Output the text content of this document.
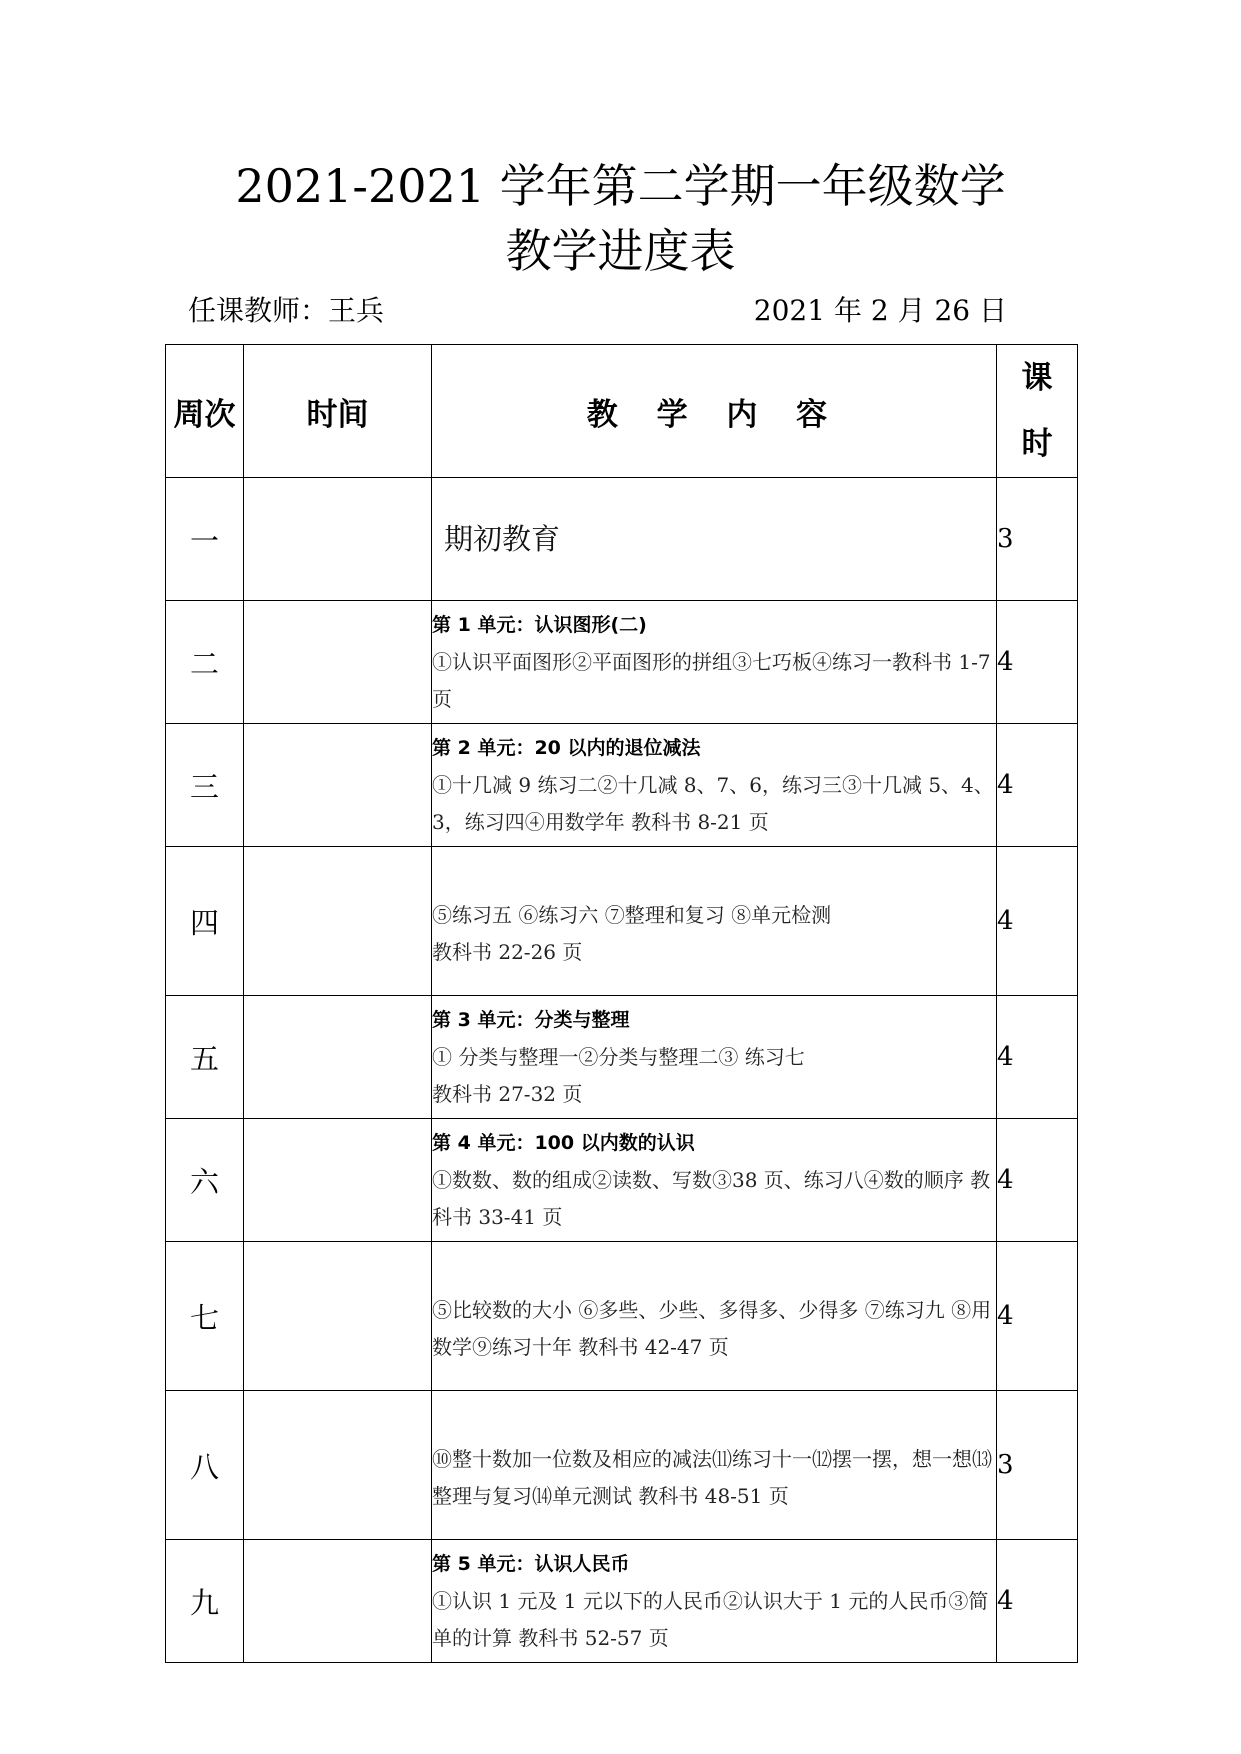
2021-2021 学年第二学期一年级数学
教学进度表
任课教师：王兵	2021 年 2 月 26 日
周次	时间	教 学 内 容	课
时
一		期初教育	3
二		第 1 单元：认识图形(二)
①认识平面图形②平面图形的拼组③七巧板④练习一教科书 1-7 页	4
三		第 2 单元：20 以内的退位减法
①十几减 9 练习二②十几减 8、7、6，练习三③十几减 5、4、3，练习四④用数学年 教科书 8-21 页	4
四		⑤练习五 ⑥练习六 ⑦整理和复习 ⑧单元检测
教科书 22-26 页	4
五		第 3 单元：分类与整理
① 分类与整理一②分类与整理二③ 练习七
教科书 27-32 页	4
六		第 4 单元：100 以内数的认识
①数数、数的组成②读数、写数③38 页、练习八④数的顺序 教科书 33-41 页	4
七		⑤比较数的大小 ⑥多些、少些、多得多、少得多 ⑦练习九 ⑧用数学⑨练习十年 教科书 42-47 页	4
八		⑩整十数加一位数及相应的减法⑾练习十一⑿摆一摆，想一想⒀整理与复习⒁单元测试 教科书 48-51 页	3
九		第 5 单元：认识人民币
①认识 1 元及 1 元以下的人民币②认识大于 1 元的人民币③简单的计算 教科书 52-57 页	4
